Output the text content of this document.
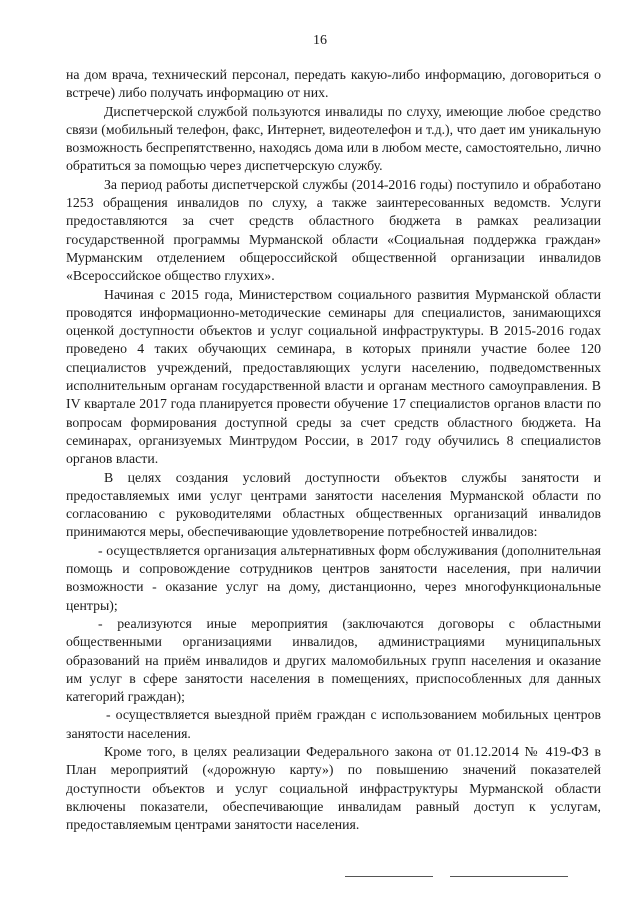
16

на дом врача, технический персонал, передать какую-либо информацию, договориться о встрече) либо получать информацию от них.

Диспетчерской службой пользуются инвалиды по слуху, имеющие любое средство связи (мобильный телефон, факс, Интернет, видеотелефон и т.д.), что дает им уникальную возможность беспрепятственно, находясь дома или в любом месте, самостоятельно, лично обратиться за помощью через диспетчерскую службу.

За период работы диспетчерской службы (2014-2016 годы) поступило и обработано 1253 обращения инвалидов по слуху, а также заинтересованных ведомств. Услуги предоставляются за счет средств областного бюджета в рамках реализации государственной программы Мурманской области «Социальная поддержка граждан» Мурманским отделением общероссийской общественной организации инвалидов «Всероссийское общество глухих».

Начиная с 2015 года, Министерством социального развития Мурманской области проводятся информационно-методические семинары для специалистов, занимающихся оценкой доступности объектов и услуг социальной инфраструктуры. В 2015-2016 годах проведено 4 таких обучающих семинара, в которых приняли участие более 120 специалистов учреждений, предоставляющих услуги населению, подведомственных исполнительным органам государственной власти и органам местного самоуправления. В IV квартале 2017 года планируется провести обучение 17 специалистов органов власти по вопросам формирования доступной среды за счет средств областного бюджета. На семинарах, организуемых Минтрудом России, в 2017 году обучились 8 специалистов органов власти.

В целях создания условий доступности объектов службы занятости и предоставляемых ими услуг центрами занятости населения Мурманской области по согласованию с руководителями областных общественных организаций инвалидов принимаются меры, обеспечивающие удовлетворение потребностей инвалидов:

- осуществляется организация альтернативных форм обслуживания (дополнительная помощь и сопровождение сотрудников центров занятости населения, при наличии возможности - оказание услуг на дому, дистанционно, через многофункциональные центры);

- реализуются иные мероприятия (заключаются договоры с областными общественными организациями инвалидов, администрациями муниципальных образований на приём инвалидов и других маломобильных групп населения и оказание им услуг в сфере занятости населения в помещениях, приспособленных для данных категорий граждан);

- осуществляется выездной приём граждан с использованием мобильных центров занятости населения.

Кроме того, в целях реализации Федерального закона от 01.12.2014 № 419-ФЗ в План мероприятий («дорожную карту») по повышению значений показателей доступности объектов и услуг социальной инфраструктуры Мурманской области включены показатели, обеспечивающие инвалидам равный доступ к услугам, предоставляемым центрами занятости населения.
